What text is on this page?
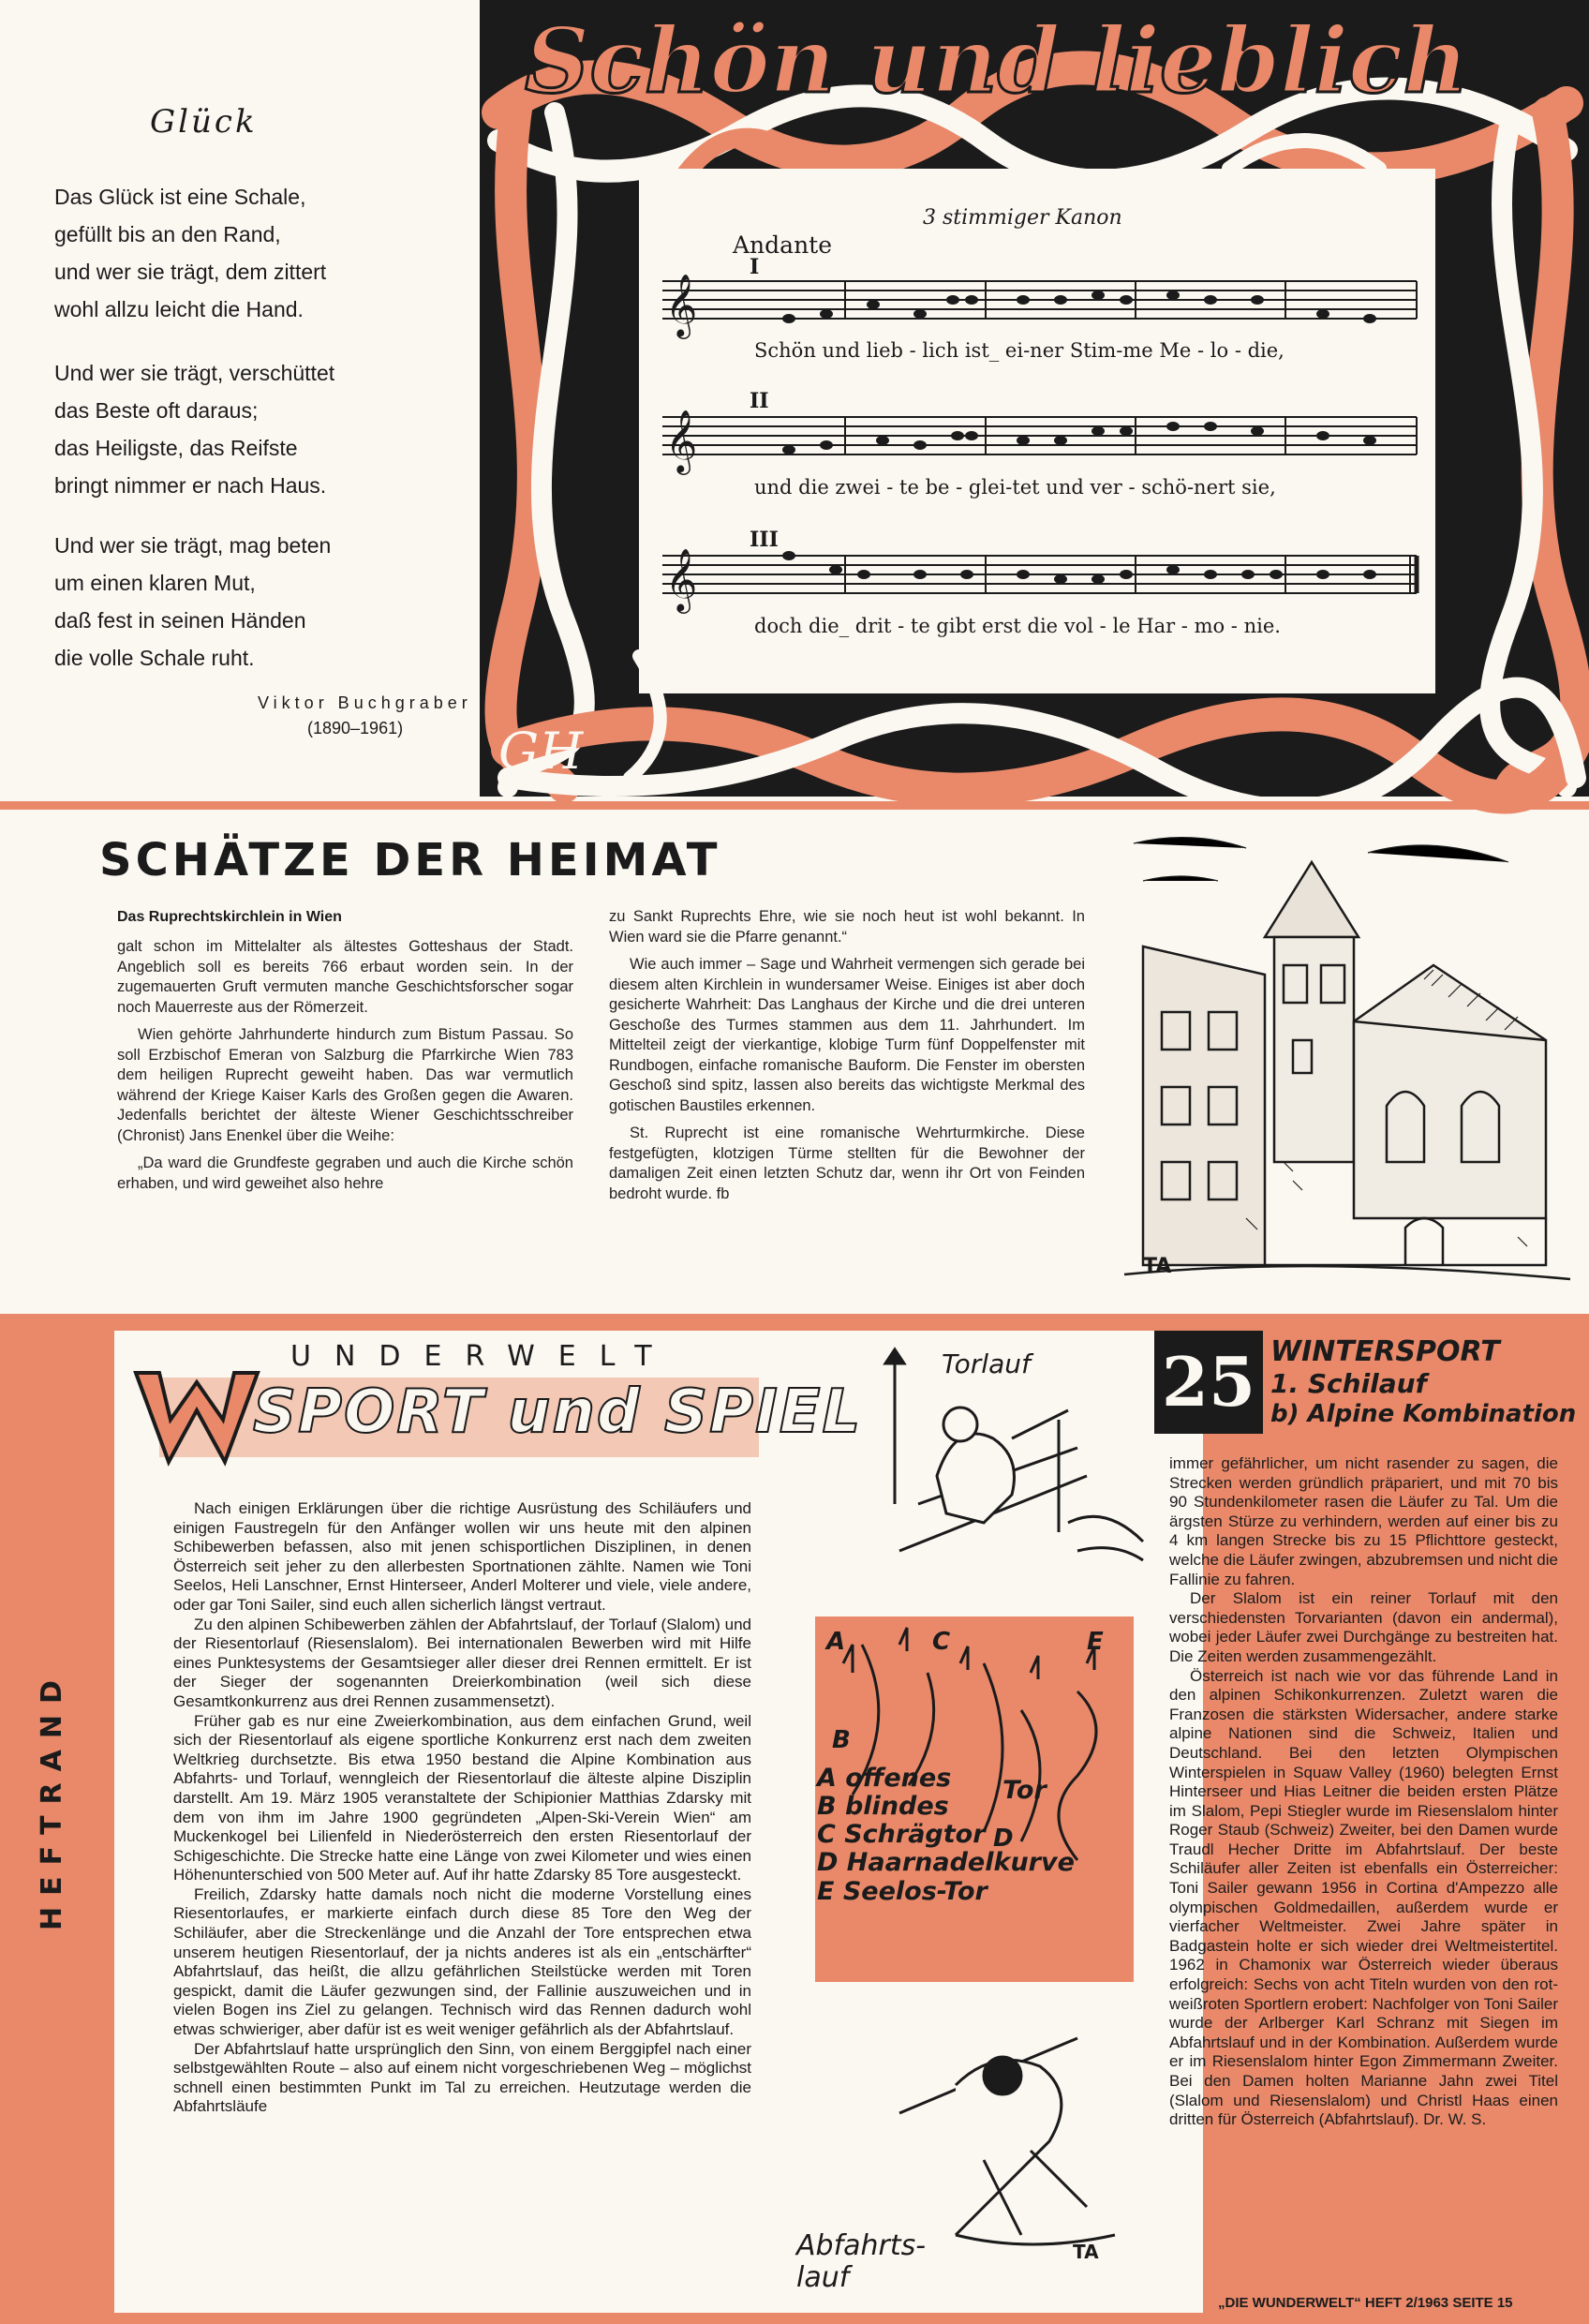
Glück
Das Glück ist eine Schale,
gefüllt bis an den Rand,
und wer sie trägt, dem zittert
wohl allzu leicht die Hand.
Und wer sie trägt, verschüttet
das Beste oft daraus;
das Heiligste, das Reifste
bringt nimmer er nach Haus.
Und wer sie trägt, mag beten
um einen klaren Mut,
daß fest in seinen Händen
die volle Schale ruht.
Viktor Buchgraber
(1890–1961)
𝄞
𝄞
𝄞
GH
Schön und lieblich
3 stimmiger Kanon
Andante
I
Schön und lieb - lich ist_ ei-ner Stim-me Me - lo - die,
II
und die zwei - te be - glei-tet und ver - schö-nert sie,
III
doch die_ drit - te gibt erst die vol - le Har - mo - nie.
SCHÄTZE DER HEIMAT
Das Ruprechtskirchlein in Wien

galt schon im Mittelalter als ältestes Gotteshaus der Stadt. Angeblich soll es bereits 766 erbaut worden sein. In der zugemauerten Gruft vermuten manche Geschichtsforscher sogar noch Mauerreste aus der Römerzeit.

Wien gehörte Jahrhunderte hindurch zum Bistum Passau. So soll Erzbischof Emeran von Salzburg die Pfarrkirche Wien 783 dem heiligen Ruprecht geweiht haben. Das war vermutlich während der Kriege Kaiser Karls des Großen gegen die Awaren. Jedenfalls berichtet der älteste Wiener Geschichtsschreiber (Chronist) Jans Enenkel über die Weihe:

„Da ward die Grundfeste gegraben und auch die Kirche schön erhaben, und wird geweihet also hehre

zu Sankt Ruprechts Ehre, wie sie noch heut ist wohl bekannt. In Wien ward sie die Pfarre genannt.“

Wie auch immer – Sage und Wahrheit vermengen sich gerade bei diesem alten Kirchlein in wundersamer Weise. Einiges ist aber doch gesicherte Wahrheit: Das Langhaus der Kirche und die drei unteren Geschoße des Turmes stammen aus dem 11. Jahrhundert. Im Mittelteil zeigt der vierkantige, klobige Turm fünf Doppelfenster mit Rundbogen, einfache romanische Bauform. Die Fenster im obersten Geschoß sind spitz, lassen also bereits das wichtigste Merkmal des gotischen Baustiles erkennen.

St. Ruprecht ist eine romanische Wehrturmkirche. Diese festgefügten, klotzigen Türme stellten für die Bewohner der damaligen Zeit einen letzten Schutz dar, wenn ihr Ort von Feinden bedroht wurde. fb

TA
HEFTRAND
UNDERWELT
SPORT und SPIEL	25 WINTERSPORT
1. Schilauf
b) Alpine Kombination

Nach einigen Erklärungen über die richtige Ausrüstung des Schiläufers und einigen Faustregeln für den Anfänger wollen wir uns heute mit den alpinen Schibewerben befassen, also mit jenen schisportlichen Disziplinen, in denen Österreich seit jeher zu den allerbesten Sportnationen zählte. Namen wie Toni Seelos, Heli Lanschner, Ernst Hinterseer, Anderl Molterer und viele, viele andere, oder gar Toni Sailer, sind euch allen sicherlich längst vertraut.

Zu den alpinen Schibewerben zählen der Abfahrtslauf, der Torlauf (Slalom) und der Riesentorlauf (Riesenslalom). Bei internationalen Bewerben wird mit Hilfe eines Punktesystems der Gesamtsieger aller dieser drei Rennen ermittelt. Er ist der Sieger der sogenannten Dreierkombination (weil sich diese Gesamtkonkurrenz aus drei Rennen zusammensetzt).

Früher gab es nur eine Zweierkombination, aus dem einfachen Grund, weil sich der Riesentorlauf als eigene sportliche Konkurrenz erst nach dem zweiten Weltkrieg durchsetzte. Bis etwa 1950 bestand die Alpine Kombination aus Abfahrts- und Torlauf, wenngleich der Riesentorlauf die älteste alpine Disziplin darstellt. Am 19. März 1905 veranstaltete der Schipionier Matthias Zdarsky mit dem von ihm im Jahre 1900 gegründeten „Alpen-Ski-Verein Wien“ am Muckenkogel bei Lilienfeld in Niederösterreich den ersten Riesentorlauf der Schigeschichte. Die Strecke hatte eine Länge von zwei Kilometer und wies einen Höhenunterschied von 500 Meter auf. Auf ihr hatte Zdarsky 85 Tore ausgesteckt.

Freilich, Zdarsky hatte damals noch nicht die moderne Vorstellung eines Riesentorlaufes, er markierte einfach durch diese 85 Tore den Weg der Schiläufer, aber die Streckenlänge und die Anzahl der Tore entsprechen etwa unserem heutigen Riesentorlauf, der ja nichts anderes ist als ein „entschärfter“ Abfahrtslauf, das heißt, die allzu gefährlichen Steilstücke werden mit Toren gespickt, damit die Läufer gezwungen sind, der Fallinie auszuweichen und in vielen Bogen ins Ziel zu gelangen. Technisch wird das Rennen dadurch wohl etwas schwieriger, aber dafür ist es weit weniger gefährlich als der Abfahrtslauf.

Der Abfahrtslauf hatte ursprünglich den Sinn, von einem Berggipfel nach einer selbstgewählten Route – also auf einem nicht vorgeschriebenen Weg – möglichst schnell einen bestimmten Punkt im Tal zu erreichen. Heutzutage werden die Abfahrtsläufe

Torlauf
A	C	E
B
D
TA
A offenes
B blindes
Tor
C Schrägtor
D Haarnadelkurve
E Seelos-Tor
Abfahrts-lauf

immer gefährlicher, um nicht rasender zu sagen, die Strecken werden gründlich präpariert, und mit 70 bis 90 Stundenkilometer rasen die Läufer zu Tal. Um die ärgsten Stürze zu verhindern, werden auf einer bis zu 4 km langen Strecke bis zu 15 Pflichttore gesteckt, welche die Läufer zwingen, abzubremsen und nicht die Fallinie zu fahren.

Der Slalom ist ein reiner Torlauf mit den verschiedensten Torvarianten (davon ein andermal), wobei jeder Läufer zwei Durchgänge zu bestreiten hat. Die Zeiten werden zusammengezählt.

Österreich ist nach wie vor das führende Land in den alpinen Schikonkurrenzen. Zuletzt waren die Franzosen die stärksten Widersacher, andere starke alpine Nationen sind die Schweiz, Italien und Deutschland. Bei den letzten Olympischen Winterspielen in Squaw Valley (1960) belegten Ernst Hinterseer und Hias Leitner die beiden ersten Plätze im Slalom, Pepi Stiegler wurde im Riesenslalom hinter Roger Staub (Schweiz) Zweiter, bei den Damen wurde Traudl Hecher Dritte im Abfahrtslauf. Der beste Schiläufer aller Zeiten ist ebenfalls ein Österreicher: Toni Sailer gewann 1956 in Cortina d'Ampezzo alle olympischen Goldmedaillen, außerdem wurde er vierfacher Weltmeister. Zwei Jahre später in Badgastein holte er sich wieder drei Weltmeistertitel. 1962 in Chamonix war Österreich wieder überaus erfolgreich: Sechs von acht Titeln wurden von den rot-weißroten Sportlern erobert: Nachfolger von Toni Sailer wurde der Arlberger Karl Schranz mit Siegen im Abfahrtslauf und in der Kombination. Außerdem wurde er im Riesenslalom hinter Egon Zimmermann Zweiter. Bei den Damen holten Marianne Jahn zwei Titel (Slalom und Riesenslalom) und Christl Haas einen dritten für Österreich (Abfahrtslauf). Dr. W. S.

„DIE WUNDERWELT“ HEFT 2/1963 SEITE 15
